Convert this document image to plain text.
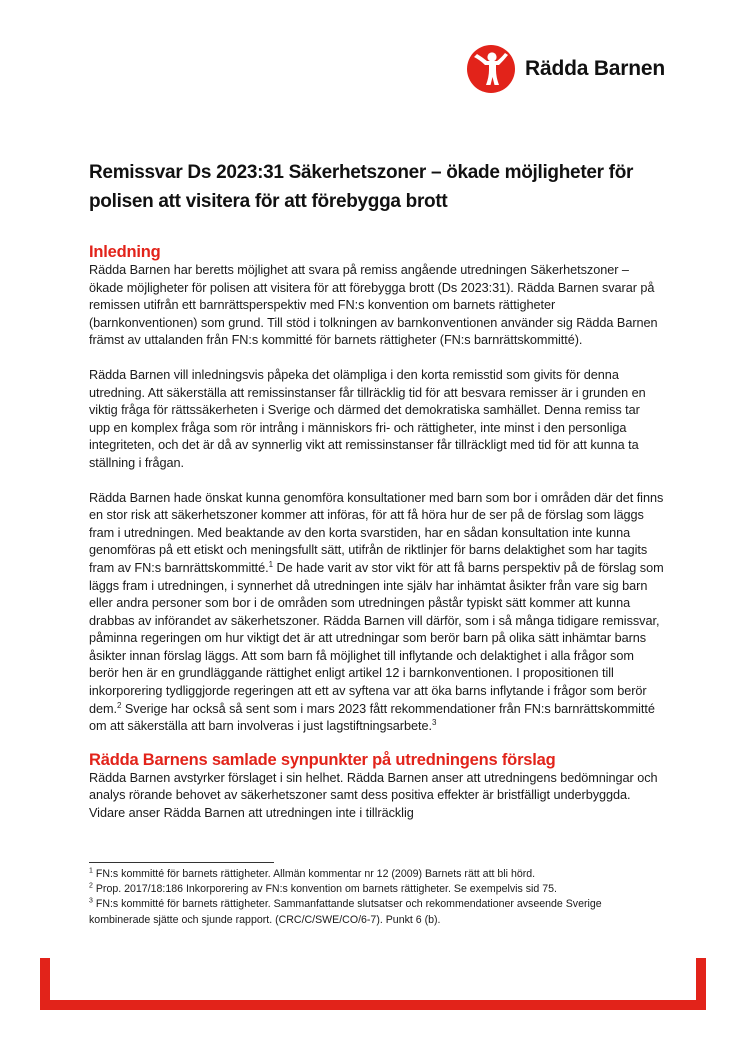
Rädda Barnen
Remissvar Ds 2023:31 Säkerhetszoner – ökade möjligheter för polisen att visitera för att förebygga brott
Inledning

Rädda Barnen har beretts möjlighet att svara på remiss angående utredningen Säkerhetszoner – ökade möjligheter för polisen att visitera för att förebygga brott (Ds 2023:31). Rädda Barnen svarar på remissen utifrån ett barnrättsperspektiv med FN:s konvention om barnets rättigheter (barnkonventionen) som grund. Till stöd i tolkningen av barnkonventionen använder sig Rädda Barnen främst av uttalanden från FN:s kommitté för barnets rättigheter (FN:s barnrättskommitté).

Rädda Barnen vill inledningsvis påpeka det olämpliga i den korta remisstid som givits för denna utredning. Att säkerställa att remissinstanser får tillräcklig tid för att besvara remisser är i grunden en viktig fråga för rättssäkerheten i Sverige och därmed det demokratiska samhället. Denna remiss tar upp en komplex fråga som rör intrång i människors fri- och rättigheter, inte minst i den personliga integriteten, och det är då av synnerlig vikt att remissinstanser får tillräckligt med tid för att kunna ta ställning i frågan.

Rädda Barnen hade önskat kunna genomföra konsultationer med barn som bor i områden där det finns en stor risk att säkerhetszoner kommer att införas, för att få höra hur de ser på de förslag som läggs fram i utredningen. Med beaktande av den korta svarstiden, har en sådan konsultation inte kunna genomföras på ett etiskt och meningsfullt sätt, utifrån de riktlinjer för barns delaktighet som har tagits fram av FN:s barnrättskommitté.$^1$ De hade varit av stor vikt för att få barns perspektiv på de förslag som läggs fram i utredningen, i synnerhet då utredningen inte själv har inhämtat åsikter från vare sig barn eller andra personer som bor i de områden som utredningen påstår typiskt sätt kommer att kunna drabbas av införandet av säkerhetszoner. Rädda Barnen vill därför, som i så många tidigare remissvar, påminna regeringen om hur viktigt det är att utredningar som berör barn på olika sätt inhämtar barns åsikter innan förslag läggs. Att som barn få möjlighet till inflytande och delaktighet i alla frågor som berör hen är en grundläggande rättighet enligt artikel 12 i barnkonventionen. I propositionen till inkorporering tydliggjorde regeringen att ett av syftena var att öka barns inflytande i frågor som berör dem.$^2$ Sverige har också så sent som i mars 2023 fått rekommendationer från FN:s barnrättskommitté om att säkerställa att barn involveras i just lagstiftningsarbete.$^3$

Rädda Barnens samlade synpunkter på utredningens förslag

Rädda Barnen avstyrker förslaget i sin helhet. Rädda Barnen anser att utredningens bedömningar och analys rörande behovet av säkerhetszoner samt dess positiva effekter är bristfälligt underbyggda. Vidare anser Rädda Barnen att utredningen inte i tillräcklig

$^1$ FN:s kommitté för barnets rättigheter. Allmän kommentar nr 12 (2009) Barnets rätt att bli hörd.

$^2$ Prop. 2017/18:186 Inkorporering av FN:s konvention om barnets rättigheter. Se exempelvis sid 75.

$^3$ FN:s kommitté för barnets rättigheter. Sammanfattande slutsatser och rekommendationer avseende Sverige kombinerade sjätte och sjunde rapport. (CRC/C/SWE/CO/6-7). Punkt 6 (b).
